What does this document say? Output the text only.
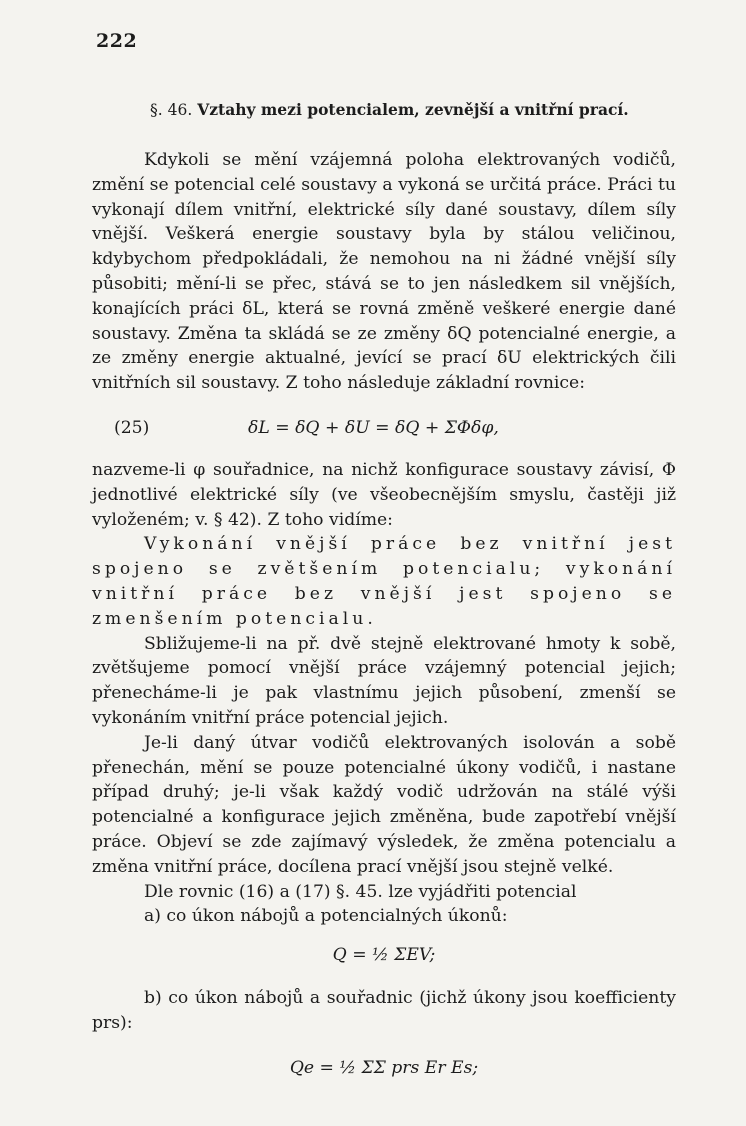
222
§. 46. Vztahy mezi potencialem, zevnější a vnitřní prací.

Kdykoli se mění vzájemná poloha elektrovaných vodičů, změní se potencial celé soustavy a vykoná se určitá práce. Práci tu vykonají dílem vnitřní, elektrické síly dané soustavy, dílem síly vnější. Veškerá energie soustavy byla by stálou veličinou, kdybychom předpokládali, že nemohou na ni žádné vnější síly působiti; mění-li se přec, stává se to jen následkem sil vnějších, konajících práci δL, která se rovná změně veškeré energie dané soustavy. Změna ta skládá se ze změny δQ potencialné energie, a ze změny energie aktualné, jevící se prací δU elektrických čili vnitřních sil soustavy. Z toho následuje základní rovnice:

(25)	δL = δQ + δU = δQ + ΣΦδφ,

nazveme-li φ souřadnice, na nichž konfigurace soustavy závisí, Φ jednotlivé elektrické síly (ve všeobecnějším smyslu, častěji již vyloženém; v. § 42). Z toho vidíme:

Vykonání vnější práce bez vnitřní jest spojeno se zvětšením potencialu; vykonání vnitřní práce bez vnější jest spojeno se zmenšením potencialu.

Sbližujeme-li na př. dvě stejně elektrované hmoty k sobě, zvětšujeme pomocí vnější práce vzájemný potencial jejich; přenecháme-li je pak vlastnímu jejich působení, zmenší se vykonáním vnitřní práce potencial jejich.

Je-li daný útvar vodičů elektrovaných isolován a sobě přenechán, mění se pouze potencialné úkony vodičů, i nastane případ druhý; je-li však každý vodič udržován na stálé výši potencialné a konfigurace jejich změněna, bude zapotřebí vnější práce. Objeví se zde zajímavý výsledek, že změna potencialu a změna vnitřní práce, docílena prací vnější jsou stejně velké.

Dle rovnic (16) a (17) §. 45. lze vyjádřiti potencial

a) co úkon nábojů a potencialných úkonů:

Q = ½ ΣEV;

b) co úkon nábojů a souřadnic (jichž úkony jsou koefficienty prs):

Qe = ½ ΣΣ prs Er Es;
